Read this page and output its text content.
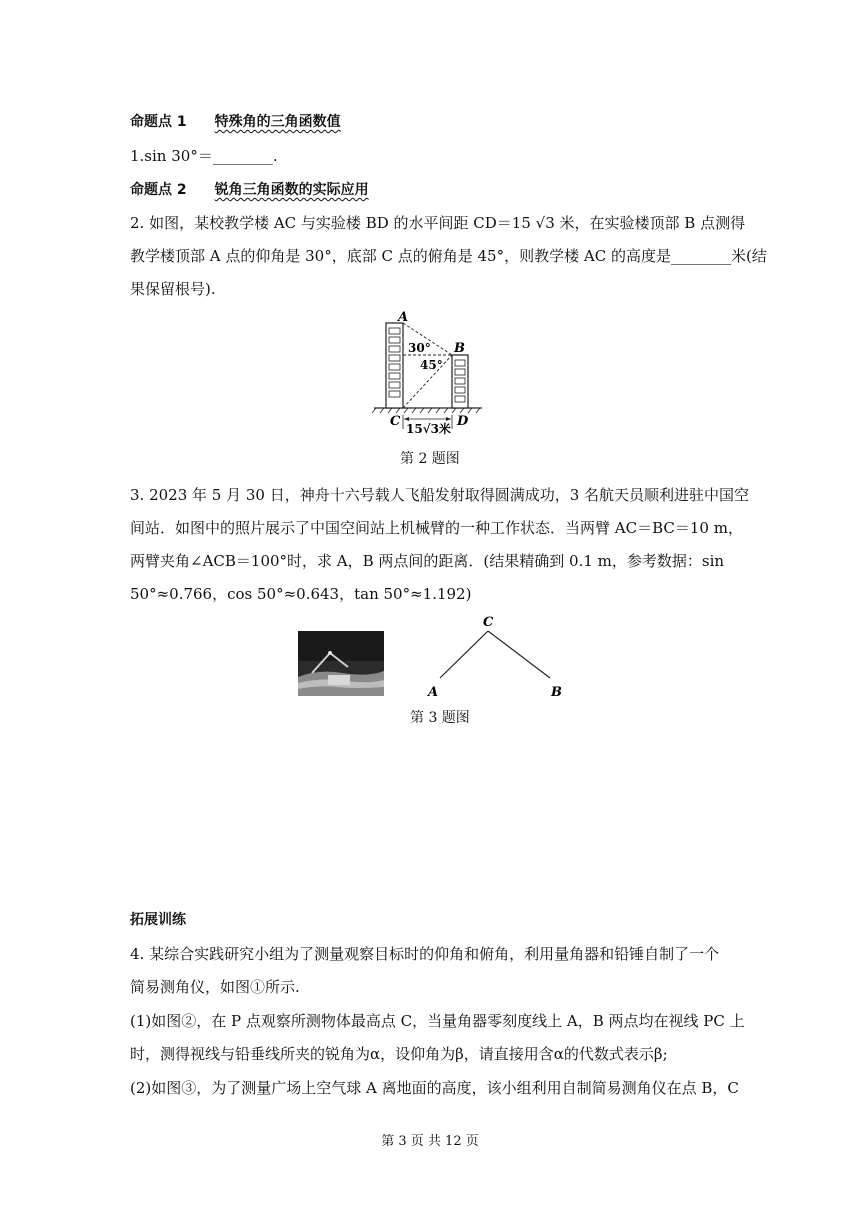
命题点 1 特殊角的三角函数值
1.sin 30°＝________.
命题点 2 锐角三角函数的实际应用
2. 如图，某校教学楼 AC 与实验楼 BD 的水平间距 CD＝15 √3 米，在实验楼顶部 B 点测得
教学楼顶部 A 点的仰角是 30°，底部 C 点的俯角是 45°，则教学楼 AC 的高度是________米(结
果保留根号).
A
B
C	D
30°
45°
15√3米
第 2 题图
3. 2023 年 5 月 30 日，神舟十六号载人飞船发射取得圆满成功，3 名航天员顺利进驻中国空
间站．如图中的照片展示了中国空间站上机械臂的一种工作状态．当两臂 AC＝BC＝10 m，
两臂夹角∠ACB＝100°时，求 A，B 两点间的距离．(结果精确到 0.1 m，参考数据：sin
50°≈0.766，cos 50°≈0.643，tan 50°≈1.192)
C
A	B
第 3 题图
拓展训练
4. 某综合实践研究小组为了测量观察目标时的仰角和俯角，利用量角器和铅锤自制了一个
简易测角仪，如图①所示.
(1)如图②，在 P 点观察所测物体最高点 C，当量角器零刻度线上 A，B 两点均在视线 PC 上
时，测得视线与铅垂线所夹的锐角为α，设仰角为β，请直接用含α的代数式表示β;
(2)如图③，为了测量广场上空气球 A 离地面的高度，该小组利用自制简易测角仪在点 B，C
第 3 页 共 12 页
